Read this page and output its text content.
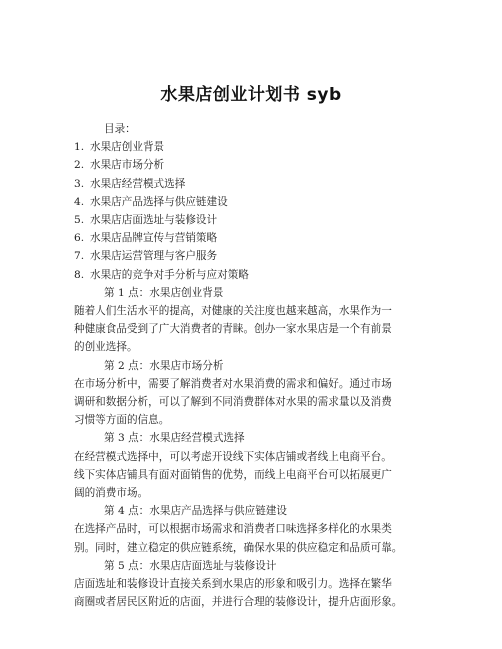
水果店创业计划书 syb
目录：
1. 水果店创业背景
2. 水果店市场分析
3. 水果店经营模式选择
4. 水果店产品选择与供应链建设
5. 水果店店面选址与装修设计
6. 水果店品牌宣传与营销策略
7. 水果店运营管理与客户服务
8. 水果店的竞争对手分析与应对策略
第 1 点：水果店创业背景

随着人们生活水平的提高，对健康的关注度也越来越高，水果作为一

种健康食品受到了广大消费者的青睐。创办一家水果店是一个有前景

的创业选择。

第 2 点：水果店市场分析

在市场分析中，需要了解消费者对水果消费的需求和偏好。通过市场

调研和数据分析，可以了解到不同消费群体对水果的需求量以及消费

习惯等方面的信息。

第 3 点：水果店经营模式选择

在经营模式选择中，可以考虑开设线下实体店铺或者线上电商平台。

线下实体店铺具有面对面销售的优势，而线上电商平台可以拓展更广

阔的消费市场。

第 4 点：水果店产品选择与供应链建设

在选择产品时，可以根据市场需求和消费者口味选择多样化的水果类

别。同时，建立稳定的供应链系统，确保水果的供应稳定和品质可靠。

第 5 点：水果店店面选址与装修设计

店面选址和装修设计直接关系到水果店的形象和吸引力。选择在繁华

商圈或者居民区附近的店面，并进行合理的装修设计，提升店面形象。
